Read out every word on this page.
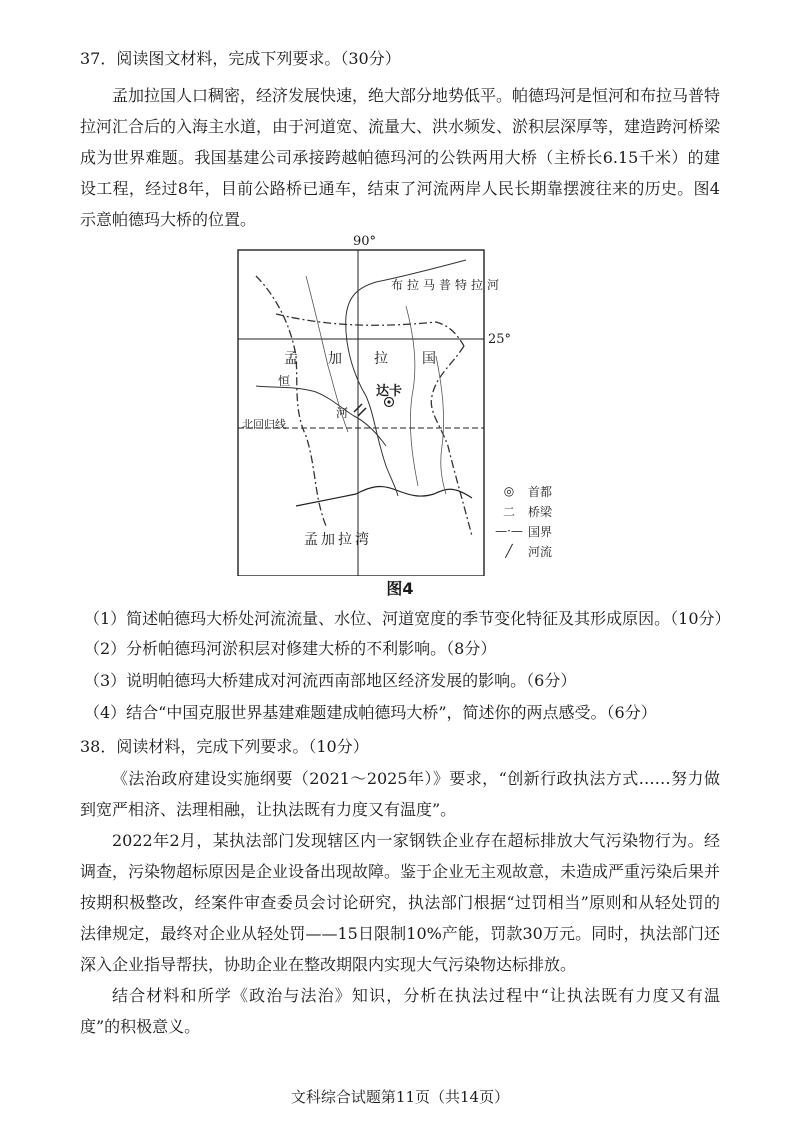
37．阅读图文材料，完成下列要求。（30分）

孟加拉国人口稠密，经济发展快速，绝大部分地势低平。帕德玛河是恒河和布拉马普特拉河汇合后的入海主水道，由于河道宽、流量大、洪水频发、淤积层深厚等，建造跨河桥梁成为世界难题。我国基建公司承接跨越帕德玛河的公铁两用大桥（主桥长6.15千米）的建设工程，经过8年，目前公路桥已通车，结束了河流两岸人民长期靠摆渡往来的历史。图4示意帕德玛大桥的位置。

90°
25°
北回归线
布拉马普特拉河
孟 加 拉 国
恒
河
达卡
孟加拉湾
◎	首都
⼆	桥梁
—·— 国界
╱	河流
图4
（1）简述帕德玛大桥处河流流量、水位、河道宽度的季节变化特征及其形成原因。（10分）
（2）分析帕德玛河淤积层对修建大桥的不利影响。（8分）
（3）说明帕德玛大桥建成对河流西南部地区经济发展的影响。（6分）
（4）结合“中国克服世界基建难题建成帕德玛大桥”，简述你的两点感受。（6分）
38．阅读材料，完成下列要求。（10分）

《法治政府建设实施纲要（2021～2025年）》要求，“创新行政执法方式……努力做到宽严相济、法理相融，让执法既有力度又有温度”。

2022年2月，某执法部门发现辖区内一家钢铁企业存在超标排放大气污染物行为。经调查，污染物超标原因是企业设备出现故障。鉴于企业无主观故意，未造成严重污染后果并按期积极整改，经案件审查委员会讨论研究，执法部门根据“过罚相当”原则和从轻处罚的法律规定，最终对企业从轻处罚——15日限制10%产能，罚款30万元。同时，执法部门还深入企业指导帮扶，协助企业在整改期限内实现大气污染物达标排放。

结合材料和所学《政治与法治》知识，分析在执法过程中“让执法既有力度又有温度”的积极意义。

文科综合试题第11页（共14页）
